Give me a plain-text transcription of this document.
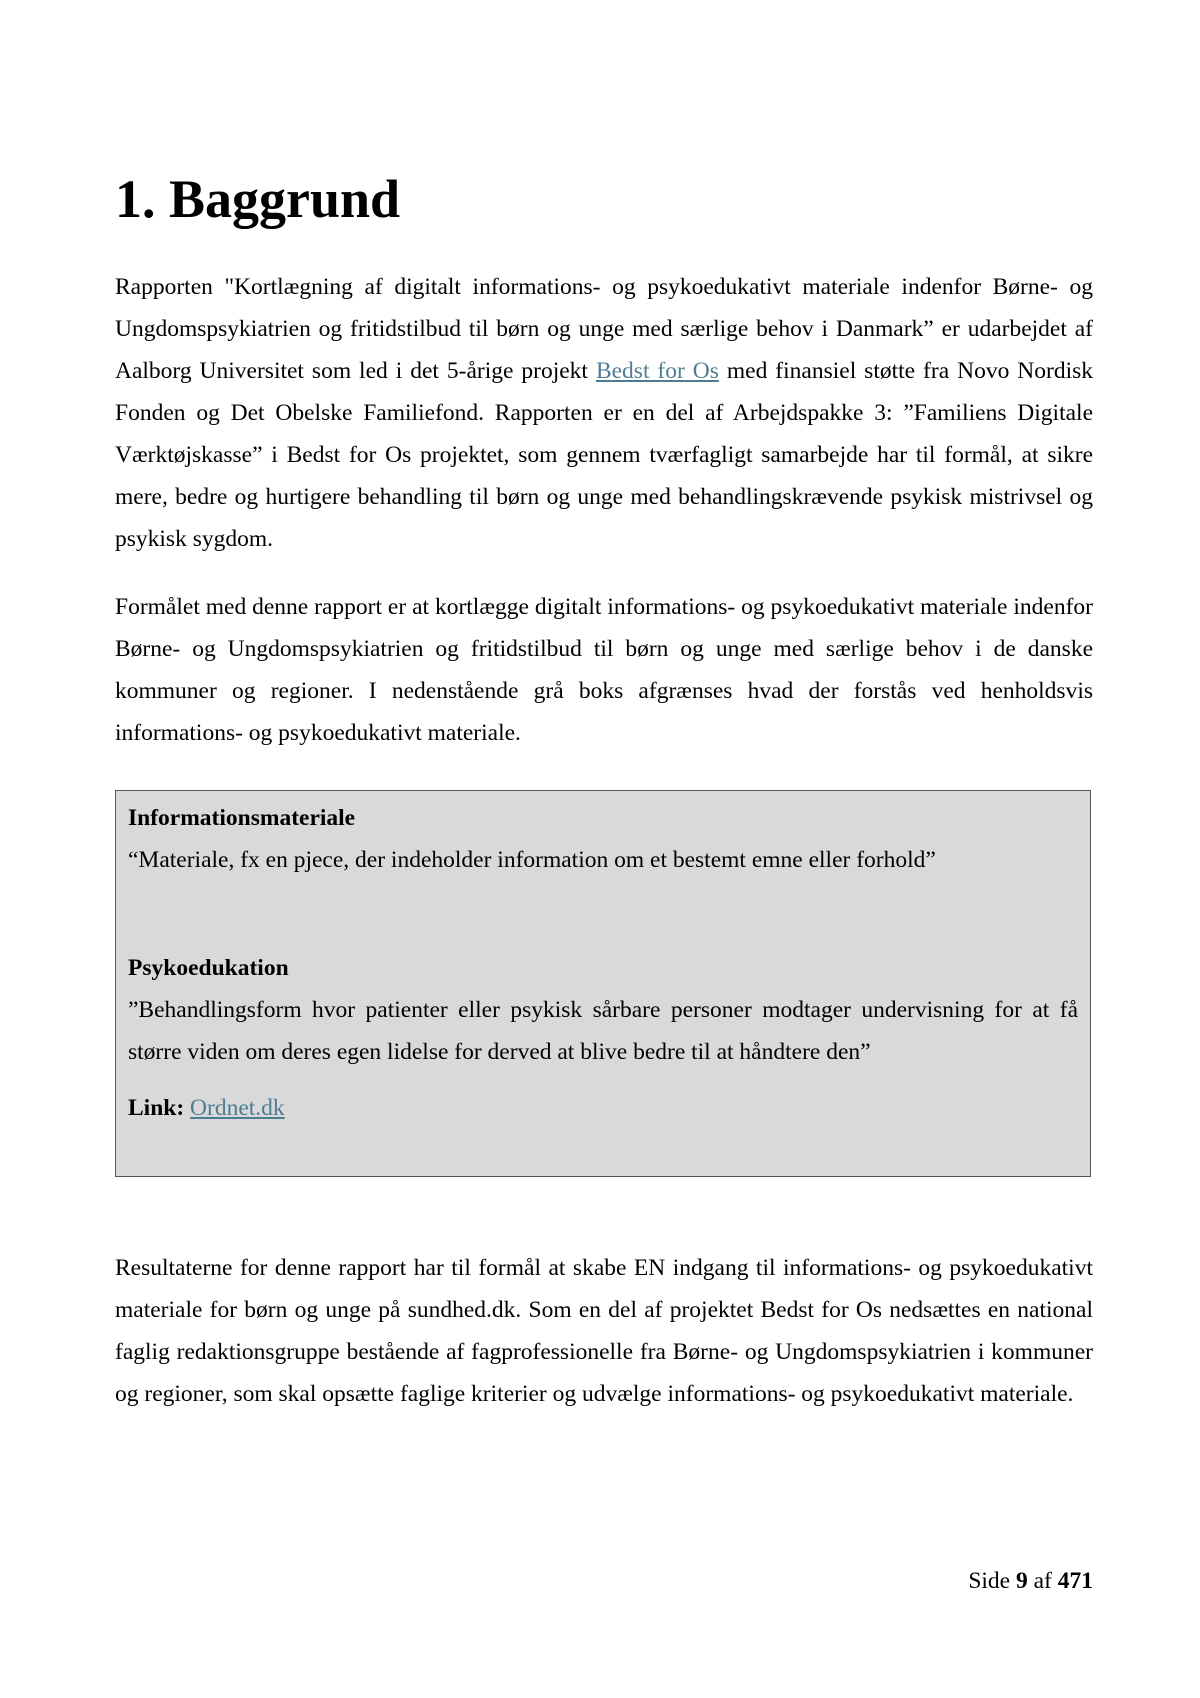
1. Baggrund

Rapporten "Kortlægning af digitalt informations- og psykoedukativt materiale indenfor Børne- og Ungdomspsykiatrien og fritidstilbud til børn og unge med særlige behov i Danmark” er udarbejdet af Aalborg Universitet som led i det 5-årige projekt Bedst for Os med finansiel støtte fra Novo Nordisk Fonden og Det Obelske Familiefond. Rapporten er en del af Arbejdspakke 3: ”Familiens Digitale Værktøjskasse” i Bedst for Os projektet, som gennem tværfagligt samarbejde har til formål, at sikre mere, bedre og hurtigere behandling til børn og unge med behandlingskrævende psykisk mistrivsel og psykisk sygdom.

Formålet med denne rapport er at kortlægge digitalt informations- og psykoedukativt materiale indenfor Børne- og Ungdomspsykiatrien og fritidstilbud til børn og unge med særlige behov i de danske kommuner og regioner. I nedenstående grå boks afgrænses hvad der forstås ved henholdsvis informations- og psykoedukativt materiale.

Informationsmateriale

“Materiale, fx en pjece, der indeholder information om et bestemt emne eller forhold”

Psykoedukation

”Behandlingsform hvor patienter eller psykisk sårbare personer modtager undervisning for at få større viden om deres egen lidelse for derved at blive bedre til at håndtere den”

Link: Ordnet.dk

Resultaterne for denne rapport har til formål at skabe EN indgang til informations- og psykoedukativt materiale for børn og unge på sundhed.dk. Som en del af projektet Bedst for Os nedsættes en national faglig redaktionsgruppe bestående af fagprofessionelle fra Børne- og Ungdomspsykiatrien i kommuner og regioner, som skal opsætte faglige kriterier og udvælge informations- og psykoedukativt materiale.

Side 9 af 471
